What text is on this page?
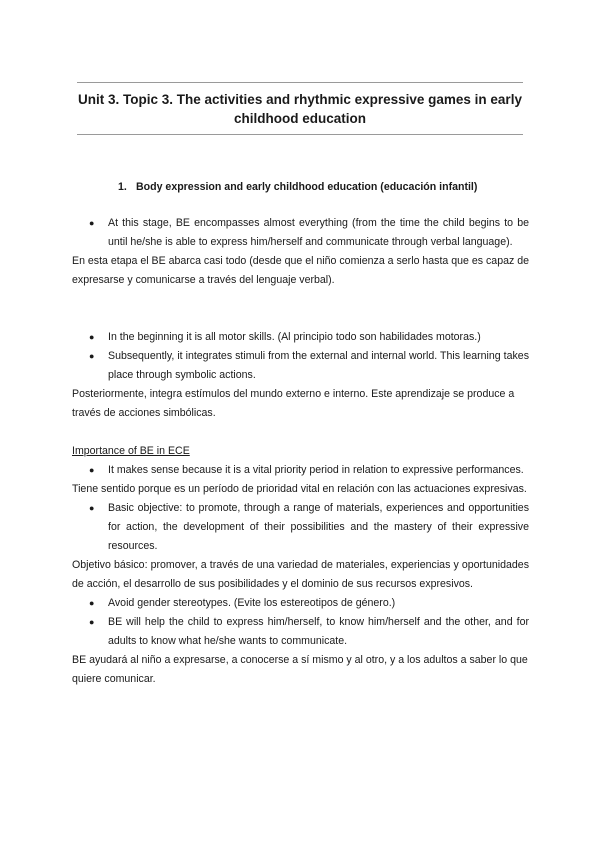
Unit 3. Topic 3. The activities and rhythmic expressive games in early childhood education
1. Body expression and early childhood education (educación infantil)
● At this stage, BE encompasses almost everything (from the time the child begins to be until he/she is able to express him/herself and communicate through verbal language).

En esta etapa el BE abarca casi todo (desde que el niño comienza a serlo hasta que es capaz de expresarse y comunicarse a través del lenguaje verbal).

● In the beginning it is all motor skills. (Al principio todo son habilidades motoras.)
● Subsequently, it integrates stimuli from the external and internal world. This learning takes place through symbolic actions.

Posteriormente, integra estímulos del mundo externo e interno. Este aprendizaje se produce a través de acciones simbólicas.

Importance of BE in ECE

● It makes sense because it is a vital priority period in relation to expressive performances.

Tiene sentido porque es un período de prioridad vital en relación con las actuaciones expresivas.

● Basic objective: to promote, through a range of materials, experiences and opportunities for action, the development of their possibilities and the mastery of their expressive resources.

Objetivo básico: promover, a través de una variedad de materiales, experiencias y oportunidades de acción, el desarrollo de sus posibilidades y el dominio de sus recursos expresivos.

● Avoid gender stereotypes. (Evite los estereotipos de género.)
● BE will help the child to express him/herself, to know him/herself and the other, and for adults to know what he/she wants to communicate.

BE ayudará al niño a expresarse, a conocerse a sí mismo y al otro, y a los adultos a saber lo que quiere comunicar.
